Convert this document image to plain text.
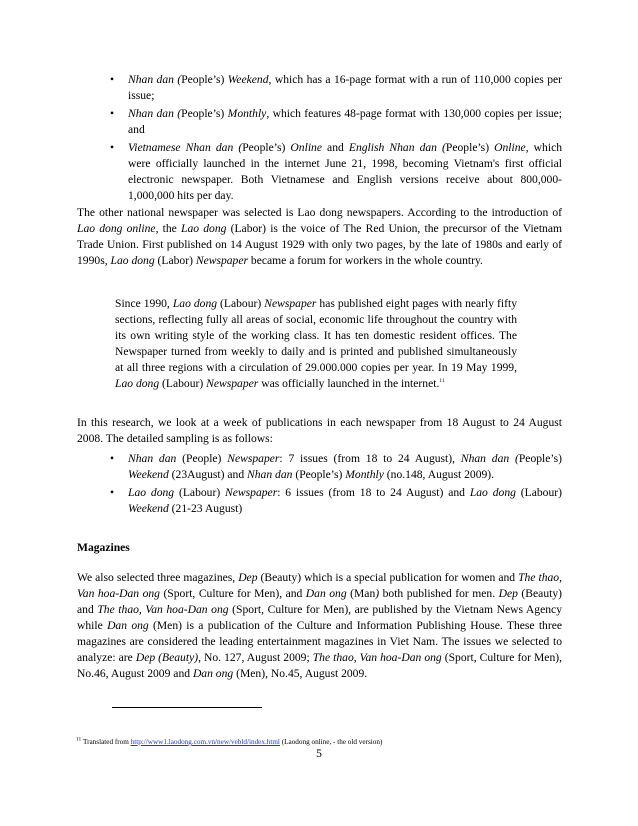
• Nhan dan (People’s) Weekend, which has a 16-page format with a run of 110,000 copies per issue;

• Nhan dan (People’s) Monthly, which features 48-page format with 130,000 copies per issue; and

• Vietnamese Nhan dan (People’s) Online and English Nhan dan (People’s) Online, which were officially launched in the internet June 21, 1998, becoming Vietnam's first official electronic newspaper. Both Vietnamese and English versions receive about 800,000-1,000,000 hits per day.

The other national newspaper was selected is Lao dong newspapers. According to the introduction of Lao dong online, the Lao dong (Labor) is the voice of The Red Union, the precursor of the Vietnam Trade Union. First published on 14 August 1929 with only two pages, by the late of 1980s and early of 1990s, Lao dong (Labor) Newspaper became a forum for workers in the whole country.

Since 1990, Lao dong (Labour) Newspaper has published eight pages with nearly fifty sections, reflecting fully all areas of social, economic life throughout the country with its own writing style of the working class. It has ten domestic resident offices. The Newspaper turned from weekly to daily and is printed and published simultaneously at all three regions with a circulation of 29.000.000 copies per year. In 19 May 1999, Lao dong (Labour) Newspaper was officially launched in the internet.$^{11}$

In this research, we look at a week of publications in each newspaper from 18 August to 24 August 2008. The detailed sampling is as follows:

• Nhan dan (People) Newspaper: 7 issues (from 18 to 24 August), Nhan dan (People’s) Weekend (23August) and Nhan dan (People’s) Monthly (no.148, August 2009).

• Lao dong (Labour) Newspaper: 6 issues (from 18 to 24 August) and Lao dong (Labour) Weekend (21-23 August)

Magazines

We also selected three magazines, Dep (Beauty) which is a special publication for women and The thao, Van hoa-Dan ong (Sport, Culture for Men), and Dan ong (Man) both published for men. Dep (Beauty) and The thao, Van hoa-Dan ong (Sport, Culture for Men), are published by the Vietnam News Agency while Dan ong (Men) is a publication of the Culture and Information Publishing House. These three magazines are considered the leading entertainment magazines in Viet Nam. The issues we selected to analyze: are Dep (Beauty), No. 127, August 2009; The thao, Van hoa-Dan ong (Sport, Culture for Men), No.46, August 2009 and Dan ong (Men), No.45, August 2009.

$^{11}$ Translated from http://www1.laodong.com.vn/new/vebld/index.html (Laodong online, - the old version)

5
